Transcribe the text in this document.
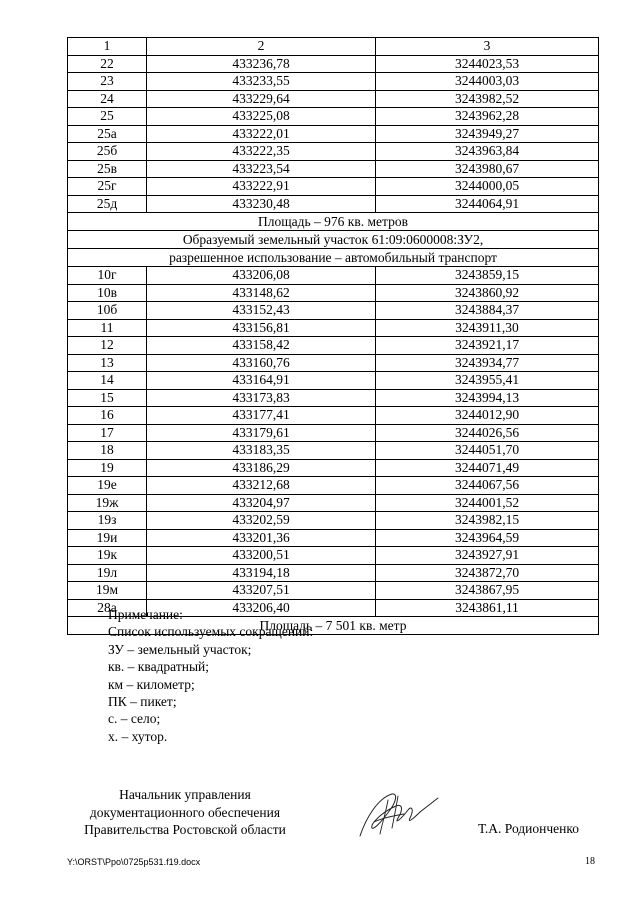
1	2	3
22	433236,78	3244023,53
23	433233,55	3244003,03
24	433229,64	3243982,52
25	433225,08	3243962,28
25а	433222,01	3243949,27
25б	433222,35	3243963,84
25в	433223,54	3243980,67
25г	433222,91	3244000,05
25д	433230,48	3244064,91
Площадь – 976 кв. метров		
Образуемый земельный участок 61:09:0600008:ЗУ2,		
разрешенное использование – автомобильный транспорт		
10г	433206,08	3243859,15
10в	433148,62	3243860,92
10б	433152,43	3243884,37
11	433156,81	3243911,30
12	433158,42	3243921,17
13	433160,76	3243934,77
14	433164,91	3243955,41
15	433173,83	3243994,13
16	433177,41	3244012,90
17	433179,61	3244026,56
18	433183,35	3244051,70
19	433186,29	3244071,49
19е	433212,68	3244067,56
19ж	433204,97	3244001,52
19з	433202,59	3243982,15
19и	433201,36	3243964,59
19к	433200,51	3243927,91
19л	433194,18	3243872,70
19м	433207,51	3243867,95
28а	433206,40	3243861,11
Площадь – 7 501 кв. метр		
Примечание:
Список используемых сокращений:
ЗУ – земельный участок;
кв. – квадратный;
км – километр;
ПК – пикет;
с. – село;
х. – хутор.
Начальник управления
документационного обеспечения
Правительства Ростовской области	Т.А. Родионченко
Y:\ORST\Ppo\0725p531.f19.docx	18
